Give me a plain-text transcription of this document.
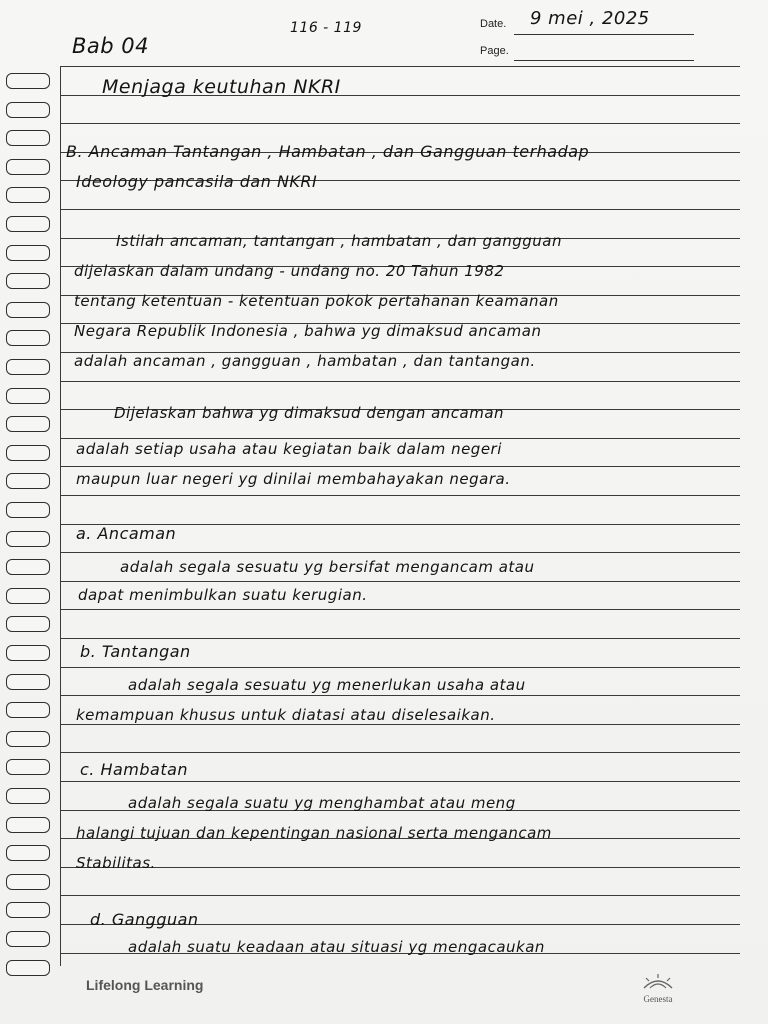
Bab 04
116 - 119	Date. 9 mei , 2025
Page.
Menjaga keutuhan NKRI
B. Ancaman Tantangan , Hambatan , dan Gangguan terhadap
Ideology pancasila dan NKRI
Istilah ancaman, tantangan , hambatan , dan gangguan
dijelaskan dalam undang - undang no. 20 Tahun 1982
tentang ketentuan - ketentuan pokok pertahanan keamanan
Negara Republik Indonesia , bahwa yg dimaksud ancaman
adalah ancaman , gangguan , hambatan , dan tantangan.
Dijelaskan bahwa yg dimaksud dengan ancaman
adalah setiap usaha atau kegiatan baik dalam negeri
maupun luar negeri yg dinilai membahayakan negara.
a. Ancaman
adalah segala sesuatu yg bersifat mengancam atau
dapat menimbulkan suatu kerugian.
b. Tantangan
adalah segala sesuatu yg menerlukan usaha atau
kemampuan khusus untuk diatasi atau diselesaikan.
c. Hambatan
adalah segala suatu yg menghambat atau meng
halangi tujuan dan kepentingan nasional serta mengancam
Stabilitas.
d. Gangguan
adalah suatu keadaan atau situasi yg mengacaukan
Lifelong Learning
Genesta
